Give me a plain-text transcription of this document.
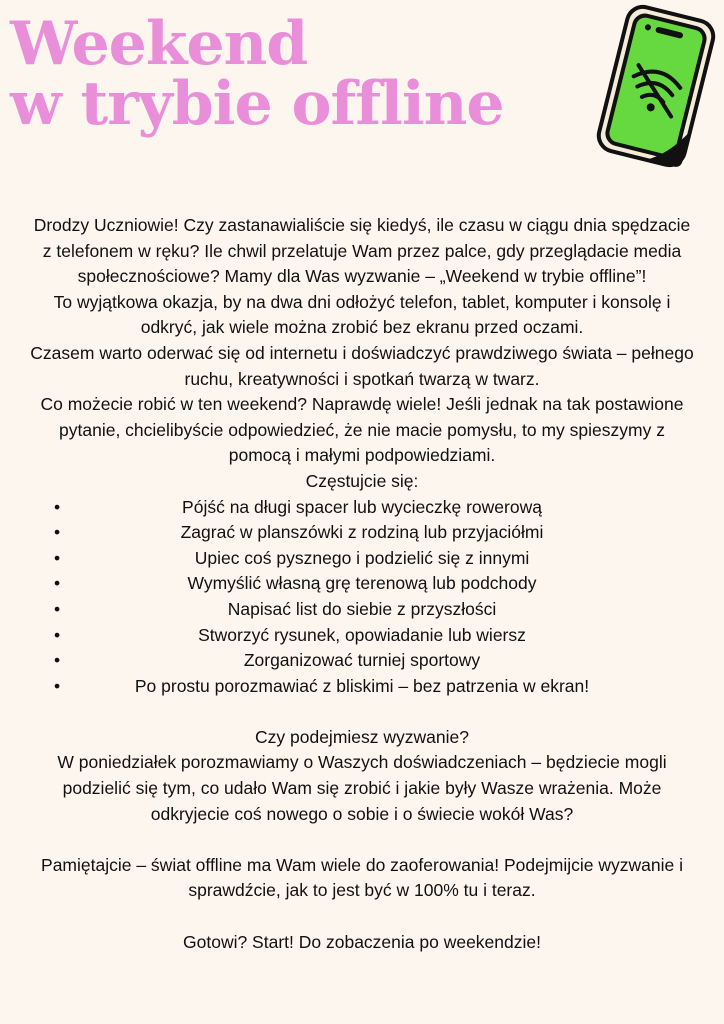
Weekend
w trybie offline

Drodzy Uczniowie! Czy zastanawialiście się kiedyś, ile czasu w ciągu dnia spędzacie z telefonem w ręku? Ile chwil przelatuje Wam przez palce, gdy przeglądacie media społecznościowe? Mamy dla Was wyzwanie – „Weekend w trybie offline”!

To wyjątkowa okazja, by na dwa dni odłożyć telefon, tablet, komputer i konsolę i odkryć, jak wiele można zrobić bez ekranu przed oczami.

Czasem warto oderwać się od internetu i doświadczyć prawdziwego świata – pełnego ruchu, kreatywności i spotkań twarzą w twarz.

Co możecie robić w ten weekend? Naprawdę wiele! Jeśli jednak na tak postawione pytanie, chcielibyście odpowiedzieć, że nie macie pomysłu, to my spieszymy z pomocą i małymi podpowiedziami.

Częstujcie się:

•	Pójść na długi spacer lub wycieczkę rowerową
•	Zagrać w planszówki z rodziną lub przyjaciółmi
•	Upiec coś pysznego i podzielić się z innymi
•	Wymyślić własną grę terenową lub podchody
•	Napisać list do siebie z przyszłości
•	Stworzyć rysunek, opowiadanie lub wiersz
•	Zorganizować turniej sportowy
•	Po prostu porozmawiać z bliskimi – bez patrzenia w ekran!

Czy podejmiesz wyzwanie?

W poniedziałek porozmawiamy o Waszych doświadczeniach – będziecie mogli podzielić się tym, co udało Wam się zrobić i jakie były Wasze wrażenia. Może odkryjecie coś nowego o sobie i o świecie wokół Was?

Pamiętajcie – świat offline ma Wam wiele do zaoferowania! Podejmijcie wyzwanie i sprawdźcie, jak to jest być w 100% tu i teraz.

Gotowi? Start! Do zobaczenia po weekendzie!
